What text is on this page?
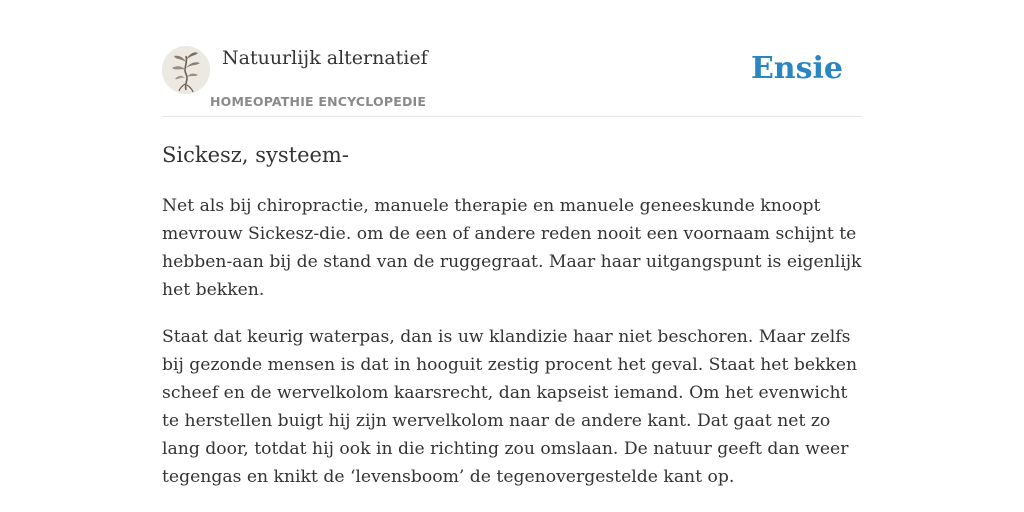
Natuurlijk alternatief
HOMEOPATHIE ENCYCLOPEDIE
Ensie
Sickesz, systeem-

Net als bij chiropractie, manuele therapie en manuele geneeskunde knoopt mevrouw Sickesz-die. om de een of andere reden nooit een voornaam schijnt te hebben-aan bij de stand van de ruggegraat. Maar haar uitgangspunt is eigenlijk het bekken.

Staat dat keurig waterpas, dan is uw klandizie haar niet beschoren. Maar zelfs bij gezonde mensen is dat in hooguit zestig procent het geval. Staat het bekken scheef en de wervelkolom kaarsrecht, dan kapseist iemand. Om het evenwicht te herstellen buigt hij zijn wervelkolom naar de andere kant. Dat gaat net zo lang door, totdat hij ook in die richting zou omslaan. De natuur geeft dan weer tegengas en knikt de ‘levensboom’ de tegenovergestelde kant op.
